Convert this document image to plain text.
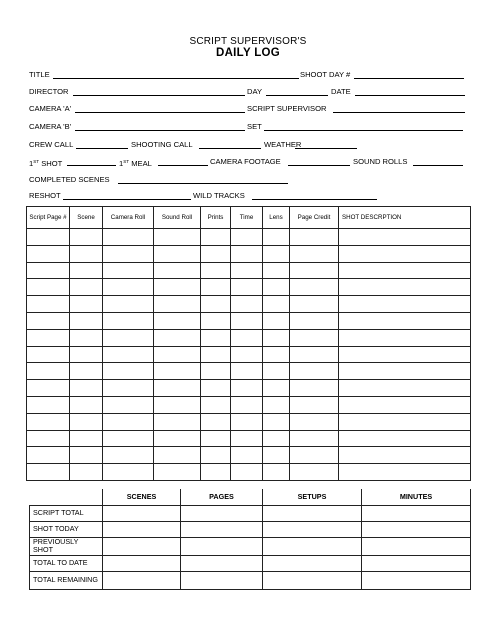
SCRIPT SUPERVISOR'S
DAILY LOG
TITLE	SHOOT DAY #
DIRECTOR	DAY	DATE
CAMERA 'A'	SCRIPT SUPERVISOR
CAMERA 'B'	SET
CREW CALL	SHOOTING CALL	WEATHER
1ST SHOT	1ST MEAL	CAMERA FOOTAGE	SOUND ROLLS
COMPLETED SCENES
RESHOT	WILD TRACKS
Script Page #	Scene	Camera Roll	Sound Roll	Prints	Time	Lens	Page Credit	SHOT DESCRPTION

	SCENES	PAGES	SETUPS	MINUTES
SCRIPT TOTAL				
SHOT TODAY				
PREVIOUSLY SHOT				
TOTAL TO DATE				
TOTAL REMAINING				
